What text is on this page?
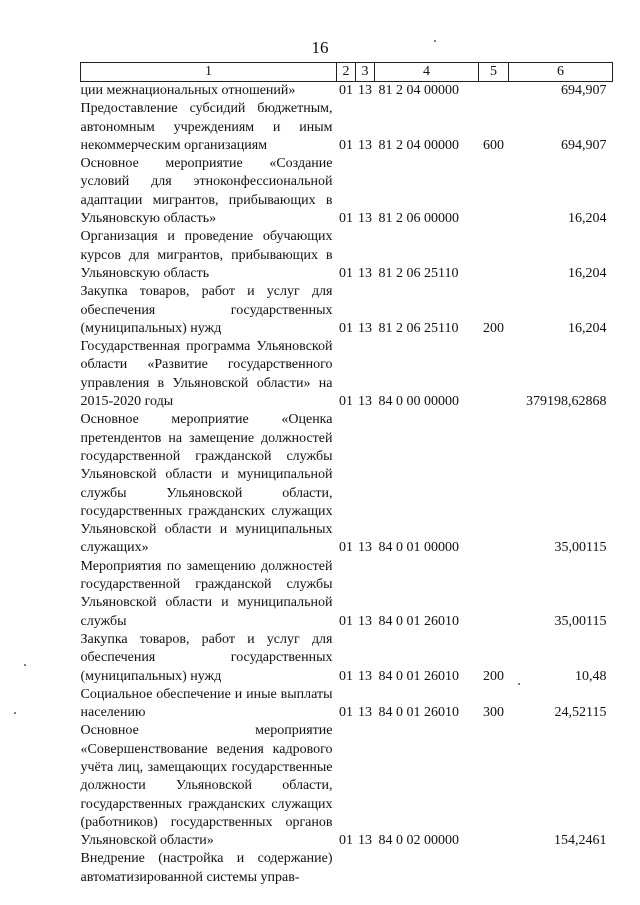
16
1	2	3	4	5	6
ции межнациональных отношений»	01	13	81 2 04 00000		694,907
Предоставление субсидий бюджетным, автономным учреждениям и иным некоммерческим организациям	01	13	81 2 04 00000	600	694,907
Основное мероприятие «Создание условий для этноконфессиональной адаптации мигрантов, прибывающих в Ульяновскую область»	01	13	81 2 06 00000		16,204
Организация и проведение обучающих курсов для мигрантов, прибывающих в Ульяновскую область	01	13	81 2 06 25110		16,204
Закупка товаров, работ и услуг для обеспечения государственных (муниципальных) нужд	01	13	81 2 06 25110	200	16,204
Государственная программа Ульяновской области «Развитие государственного управления в Ульяновской области» на 2015-2020 годы	01	13	84 0 00 00000		379198,62868
Основное мероприятие «Оценка претендентов на замещение должностей государственной гражданской службы Ульяновской области и муниципальной службы Ульяновской области, государственных гражданских служащих Ульяновской области и муниципальных служащих»	01	13	84 0 01 00000		35,00115
Мероприятия по замещению должностей государственной гражданской службы Ульяновской области и муниципальной службы	01	13	84 0 01 26010		35,00115
Закупка товаров, работ и услуг для обеспечения государственных (муниципальных) нужд	01	13	84 0 01 26010	200	10,48
Социальное обеспечение и иные выплаты населению	01	13	84 0 01 26010	300	24,52115
Основное мероприятие «Совершенствование ведения кадрового учёта лиц, замещающих государственные должности Ульяновской области, государственных гражданских служащих (работников) государственных органов Ульяновской области»	01	13	84 0 02 00000		154,2461
Внедрение (настройка и содержание) автоматизированной системы управ-					
